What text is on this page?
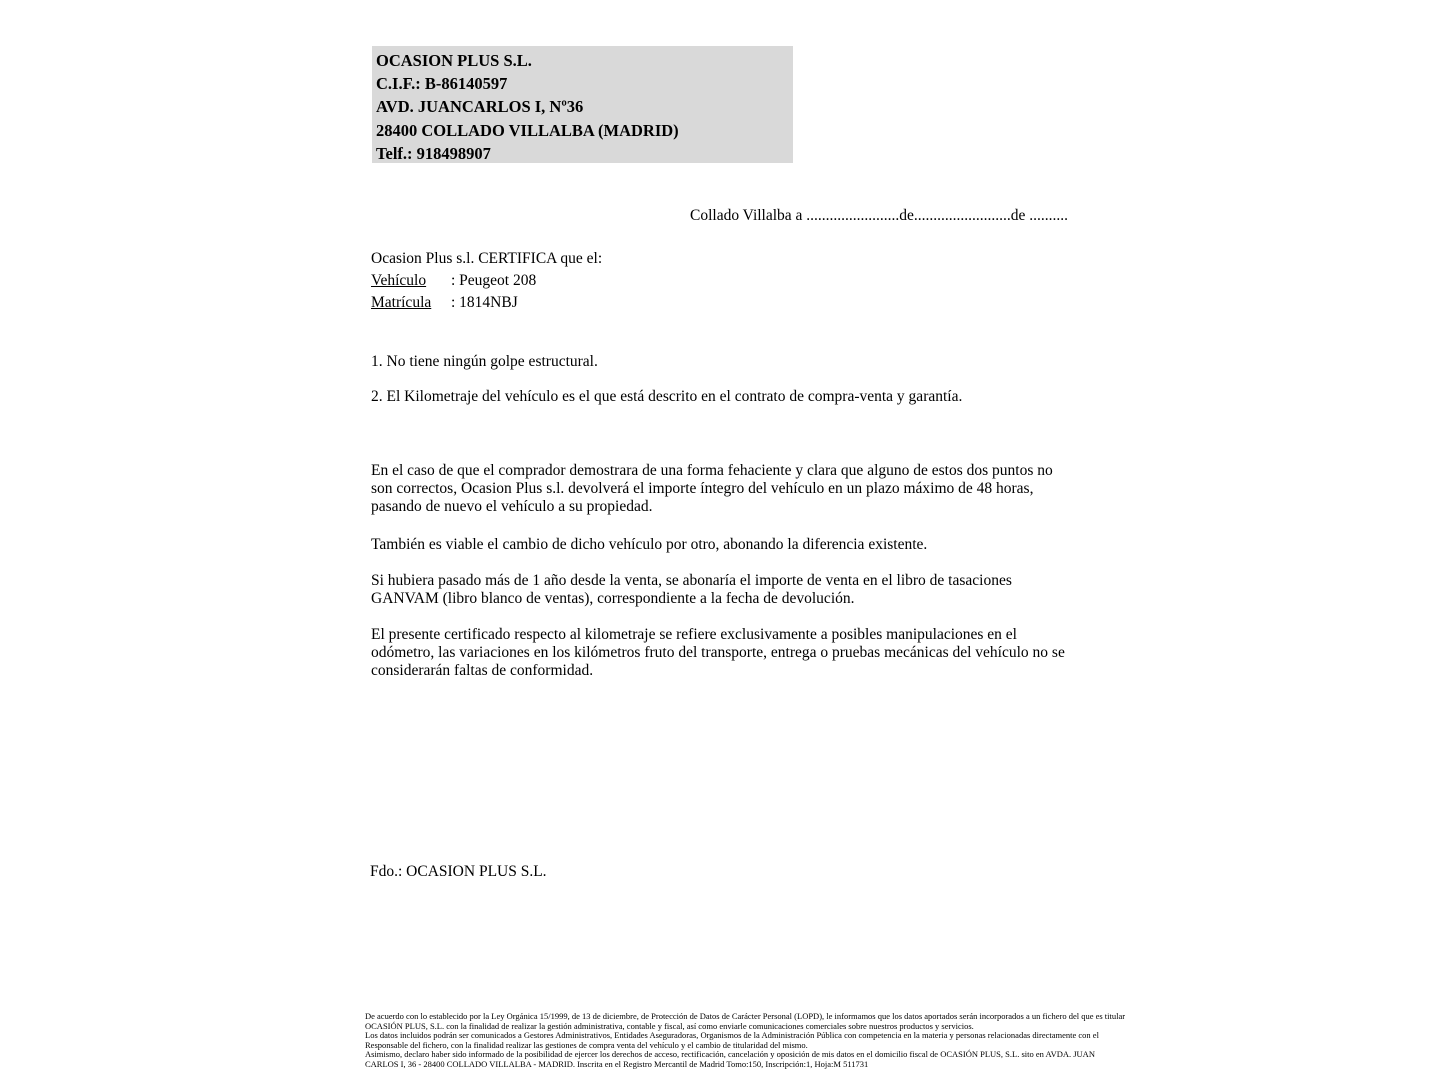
OCASION PLUS S.L.
C.I.F.: B-86140597
AVD. JUANCARLOS I, Nº36
28400 COLLADO VILLALBA (MADRID)
Telf.: 918498907
Collado Villalba a ........................de.........................de ..........
Ocasion Plus s.l. CERTIFICA que el:
Vehículo : Peugeot 208
Matrícula : 1814NBJ
1. No tiene ningún golpe estructural.
2. El Kilometraje del vehículo es el que está descrito en el contrato de compra-venta y garantía.
En el caso de que el comprador demostrara de una forma fehaciente y clara que alguno de estos dos puntos no son correctos, Ocasion Plus s.l. devolverá el importe íntegro del vehículo en un plazo máximo de 48 horas, pasando de nuevo el vehículo a su propiedad.
También es viable el cambio de dicho vehículo por otro, abonando la diferencia existente.
Si hubiera pasado más de 1 año desde la venta, se abonaría el importe de venta en el libro de tasaciones GANVAM (libro blanco de ventas), correspondiente a la fecha de devolución.
El presente certificado respecto al kilometraje se refiere exclusivamente a posibles manipulaciones en el odómetro, las variaciones en los kilómetros fruto del transporte, entrega o pruebas mecánicas del vehículo no se considerarán faltas de conformidad.
Fdo.: OCASION PLUS S.L.
De acuerdo con lo establecido por la Ley Orgánica 15/1999, de 13 de diciembre, de Protección de Datos de Carácter Personal (LOPD), le informamos que los datos aportados serán incorporados a un fichero del que es titular
OCASIÓN PLUS, S.L. con la finalidad de realizar la gestión administrativa, contable y fiscal, así como enviarle comunicaciones comerciales sobre nuestros productos y servicios.
Los datos incluidos podrán ser comunicados a Gestores Administrativos, Entidades Aseguradoras, Organismos de la Administración Pública con competencia en la materia y personas relacionadas directamente con el
Responsable del fichero, con la finalidad realizar las gestiones de compra venta del vehículo y el cambio de titularidad del mismo.
Asimismo, declaro haber sido informado de la posibilidad de ejercer los derechos de acceso, rectificación, cancelación y oposición de mis datos en el domicilio fiscal de OCASIÓN PLUS, S.L. sito en AVDA. JUAN
CARLOS I, 36 - 28400 COLLADO VILLALBA - MADRID. Inscrita en el Registro Mercantil de Madrid Tomo:150, Inscripción:1, Hoja:M 511731
